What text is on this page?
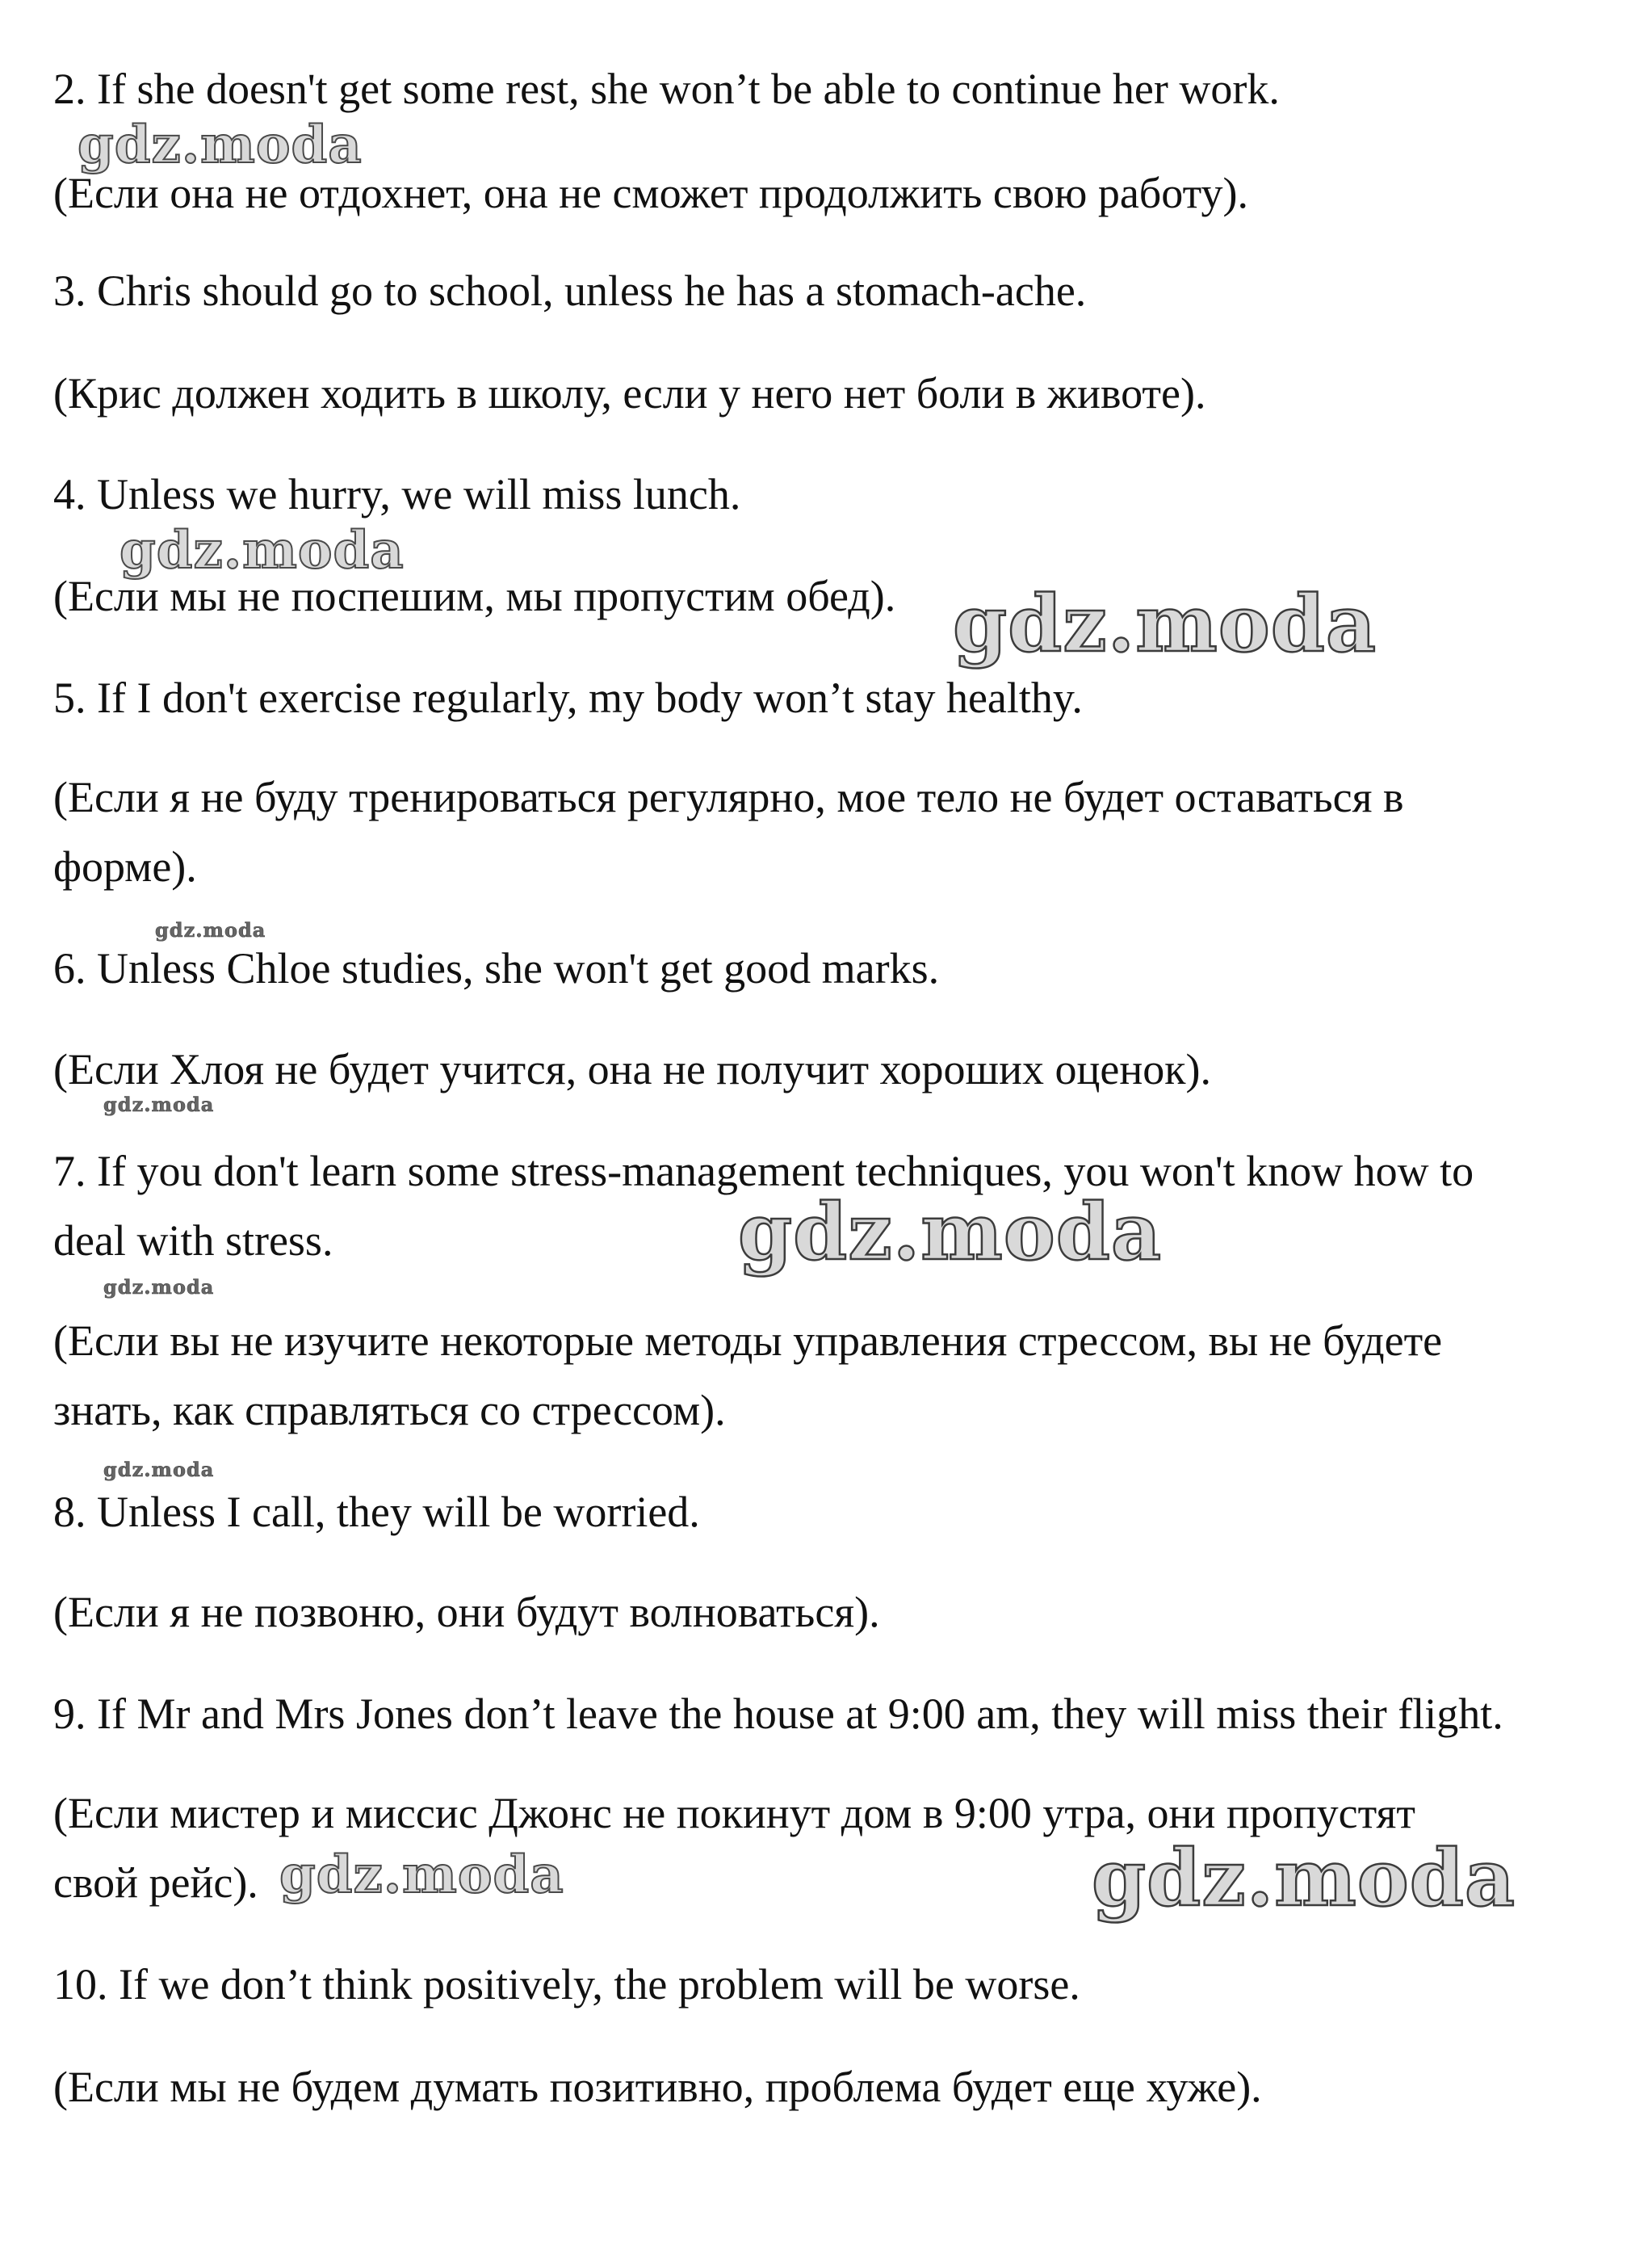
2. If she doesn't get some rest, she won’t be able to continue her work.

(Если она не отдохнет, она не сможет продолжить свою работу).

3. Chris should go to school, unless he has a stomach-ache.

(Крис должен ходить в школу, если у него нет боли в животе).

4. Unless we hurry, we will miss lunch.

(Если мы не поспешим, мы пропустим обед).

5. If I don't exercise regularly, my body won’t stay healthy.

(Если я не буду тренироваться регулярно, мое тело не будет оставаться в

форме).

6. Unless Chloe studies, she won't get good marks.

(Если Хлоя не будет учится, она не получит хороших оценок).

7. If you don't learn some stress-management techniques, you won't know how to

deal with stress.

(Если вы не изучите некоторые методы управления стрессом, вы не будете

знать, как справляться со стрессом).

8. Unless I call, they will be worried.

(Если я не позвоню, они будут волноваться).

9. If Mr and Mrs Jones don’t leave the house at 9:00 am, they will miss their flight.

(Если мистер и миссис Джонс не покинут дом в 9:00 утра, они пропустят

свой рейс).

10. If we don’t think positively, the problem will be worse.

(Если мы не будем думать позитивно, проблема будет еще хуже).

gdz.moda
gdz.moda
gdz.moda
gdz.moda
gdz.moda
gdz.moda
gdz.moda
gdz.moda
gdz.moda	gdz.moda
